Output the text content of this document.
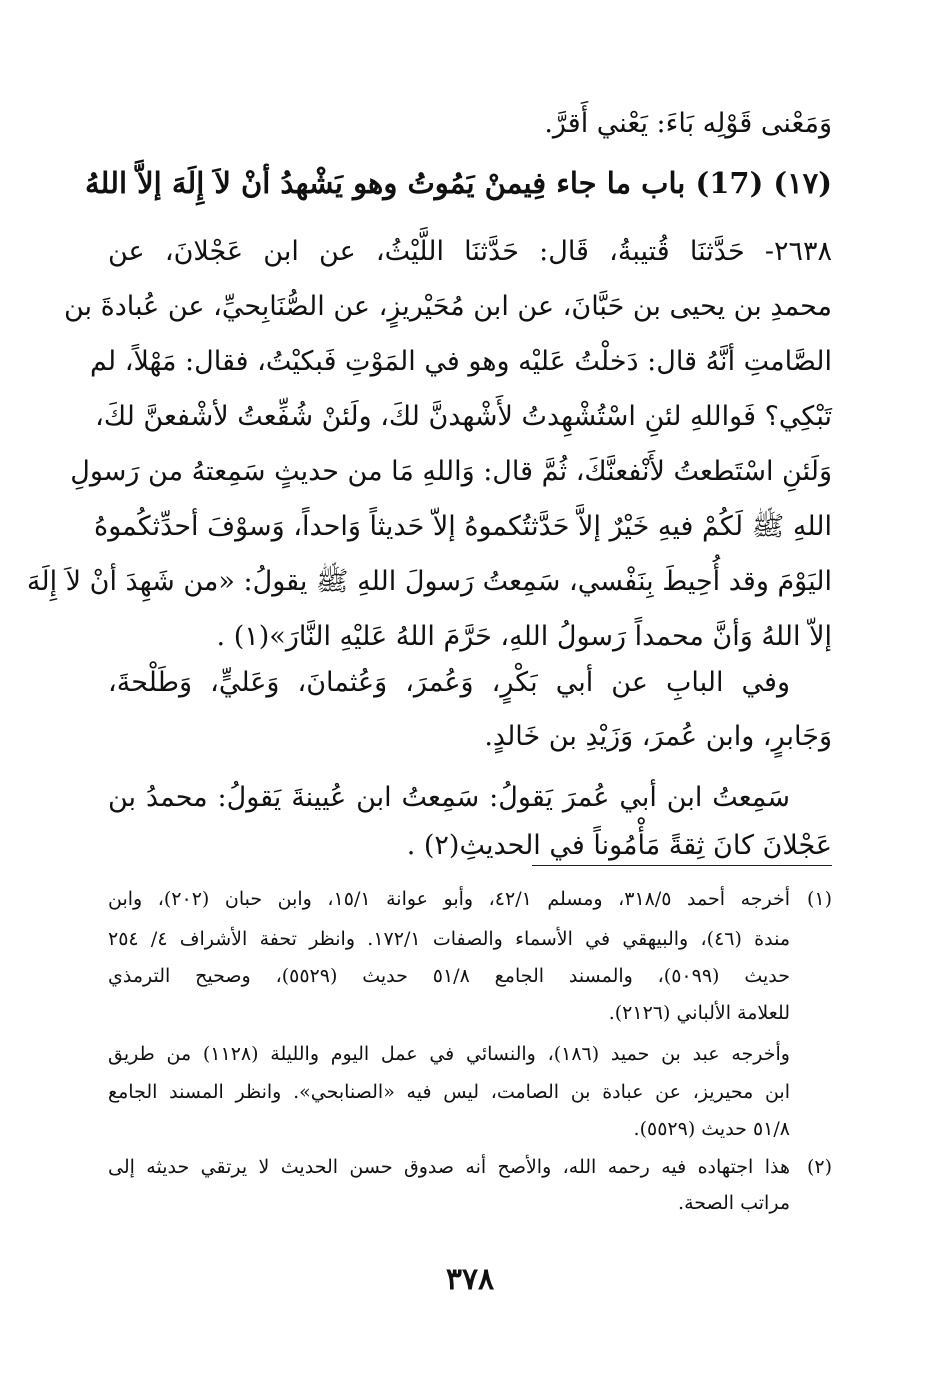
وَمَعْنى قَوْلِه بَاءَ: يَعْني أَقرَّ.
(١٧) (17) باب ما جاء فِيمنْ يَمُوتُ وهو يَشْهدُ أنْ لاَ إِلَهَ إلاَّ اللهُ
٢٦٣٨- حَدَّثنَا قُتيبةُ، قَال: حَدَّثنَا اللَّيْثُ، عن ابن عَجْلانَ، عن
محمدِ بن يحيى بن حَبَّانَ، عن ابن مُحَيْريزٍ، عن الصُّنَابِحيِّ، عن عُبادةَ بن
الصَّامتِ أنَّهُ قال: دَخلْتُ عَليْه وهو في المَوْتِ فَبكيْتُ، فقال: مَهْلاً، لم
تَبْكِي؟ فَواللهِ لئنِ اسْتُشْهِدتُ لأَشْهدنَّ لكَ، ولَئنْ شُفِّعتُ لأشْفعنَّ لكَ،
وَلَئنِ اسْتَطعتُ لأَنْفعنَّكَ، ثُمَّ قال: وَاللهِ مَا من حديثٍ سَمِعتهُ من رَسولِ
اللهِ ﷺ لَكُمْ فيهِ خَيْرٌ إلاَّ حَدَّثتُكموهُ إلاّ حَديثاً وَاحداً، وَسوْفَ أحدِّثكُموهُ
اليَوْمَ وقد أُحِيطَ بِنَفْسي، سَمِعتُ رَسولَ اللهِ ﷺ يقولُ: «من شَهِدَ أنْ لاَ إِلَهَ
إلاّ اللهُ وَأنَّ محمداً رَسولُ اللهِ، حَرَّمَ اللهُ عَليْهِ النَّارَ»(١) .
وفي البابِ عن أبي بَكْرٍ، وَعُمرَ، وَعُثمانَ، وَعَليٍّ، وَطَلْحةَ،
وَجَابرٍ، وابن عُمرَ، وَزَيْدِ بن خَالدٍ.
سَمِعتُ ابن أبي عُمرَ يَقولُ: سَمِعتُ ابن عُيينةَ يَقولُ: محمدُ بن
عَجْلانَ كانَ ثِقةً مَأْمُوناً في الحديثِ(٢) .
(١)
أخرجه أحمد ٣١٨/٥، ومسلم ٤٢/١، وأبو عوانة ١٥/١، وابن حبان (٢٠٢)، وابن
مندة (٤٦)، والبيهقي في الأسماء والصفات ١٧٢/١. وانظر تحفة الأشراف ٤/ ٢٥٤
حديث (٥٠٩٩)، والمسند الجامع ٥١/٨ حديث (٥٥٢٩)، وصحيح الترمذي
للعلامة الألباني (٢١٢٦).
وأخرجه عبد بن حميد (١٨٦)، والنسائي في عمل اليوم والليلة (١١٢٨) من طريق
ابن محيريز، عن عبادة بن الصامت، ليس فيه «الصنابحي». وانظر المسند الجامع
٥١/٨ حديث (٥٥٢٩).
(٢)
هذا اجتهاده فيه رحمه الله، والأصح أنه صدوق حسن الحديث لا يرتقي حديثه إلى
مراتب الصحة.
٣٧٨
